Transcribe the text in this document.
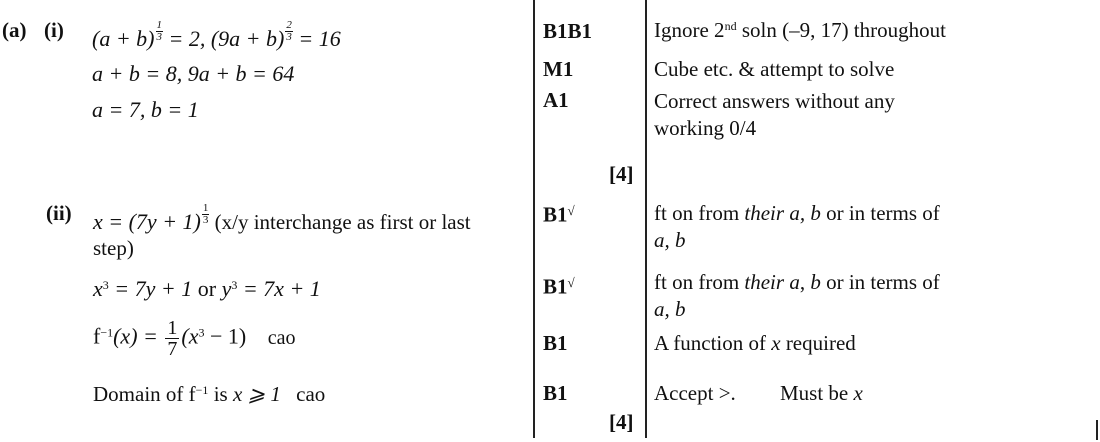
(a) (i) $(a + b) \frac{1}{3} = 2$, $(9a + b) \frac{2}{3} = 16$
a + b = 8, 9a + b = 64
a = 7, b = 1
B1B1
M1
A1
[4]
Ignore 2nd soln (–9, 17) throughout
Cube etc. & attempt to solve
Correct answers without any
working 0/4
(ii) $x = (7y + 1) \frac{1}{3} (x/y$ interchange as first or last
step)
$x^3 = 7y + 1$ or $y^3 = 7x + 1$
$f^{-1}(x) = \frac{1}{7} (x^3 - 1)$ cao
Domain of $f^{-1}$ is x ⩾ 1 cao
B1√
B1√
B1
B1
[4]
ft on from their a, b or in terms of
a, b
ft on from their a, b or in terms of
a, b
A function of x required
Accept >. Must be x
